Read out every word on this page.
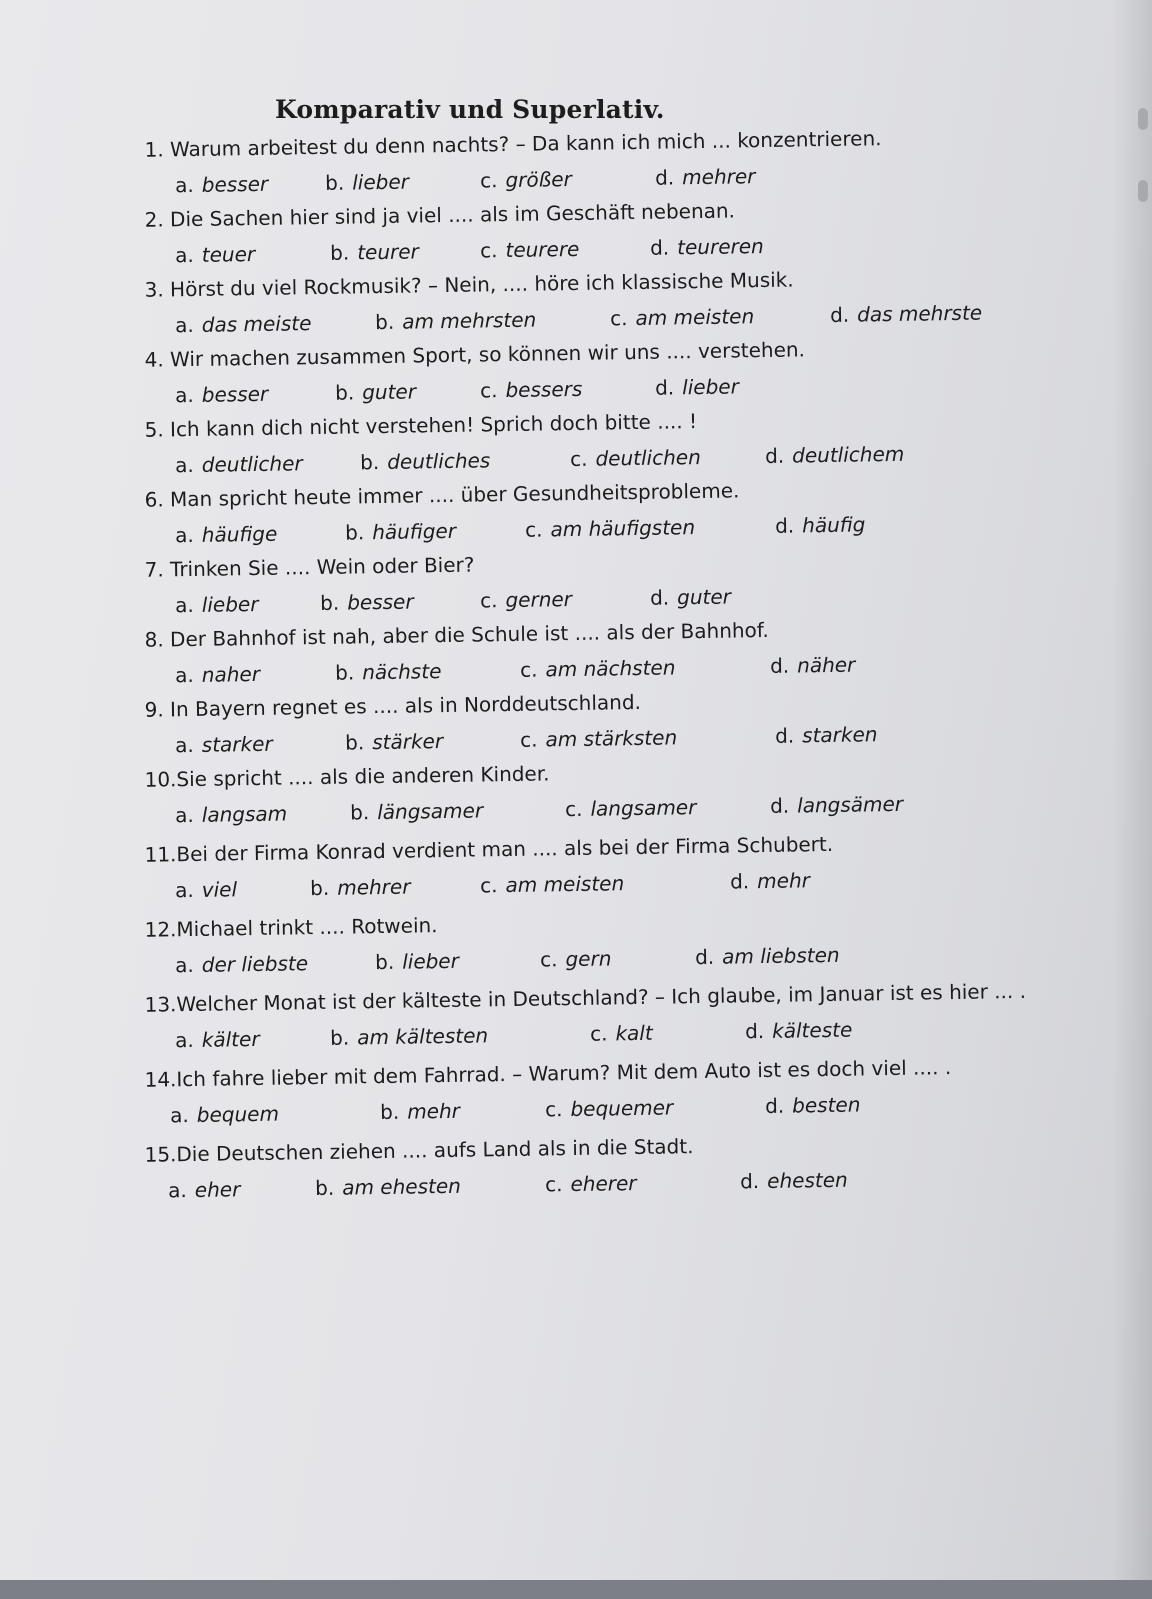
Komparativ und Superlativ.

1. Warum arbeitest du denn nachts? – Da kann ich mich ... konzentrieren.

a. besser	b. lieber	c. größer	d. mehrer

2. Die Sachen hier sind ja viel .... als im Geschäft nebenan.

a. teuer	b. teurer	c. teurere	d. teureren

3. Hörst du viel Rockmusik? – Nein, .... höre ich klassische Musik.

a. das meiste	b. am mehrsten	c. am meisten	d. das mehrste

4. Wir machen zusammen Sport, so können wir uns .... verstehen.

a. besser	b. guter	c. bessers	d. lieber

5. Ich kann dich nicht verstehen! Sprich doch bitte .... !

a. deutlicher	b. deutliches	c. deutlichen	d. deutlichem

6. Man spricht heute immer .... über Gesundheitsprobleme.

a. häufige	b. häufiger	c. am häufigsten	d. häufig

7. Trinken Sie .... Wein oder Bier?

a. lieber	b. besser	c. gerner	d. guter

8. Der Bahnhof ist nah, aber die Schule ist .... als der Bahnhof.

a. naher	b. nächste	c. am nächsten	d. näher

9. In Bayern regnet es .... als in Norddeutschland.

a. starker	b. stärker	c. am stärksten	d. starken

10.Sie spricht .... als die anderen Kinder.

a. langsam	b. längsamer	c. langsamer	d. langsämer

11.Bei der Firma Konrad verdient man .... als bei der Firma Schubert.

a. viel	b. mehrer	c. am meisten	d. mehr

12.Michael trinkt .... Rotwein.

a. der liebste	b. lieber	c. gern	d. am liebsten

13.Welcher Monat ist der kälteste in Deutschland? – Ich glaube, im Januar ist es hier ... .

a. kälter	b. am kältesten	c. kalt	d. kälteste

14.Ich fahre lieber mit dem Fahrrad. – Warum? Mit dem Auto ist es doch viel .... .

a. bequem	b. mehr	c. bequemer	d. besten

15.Die Deutschen ziehen .... aufs Land als in die Stadt.

a. eher	b. am ehesten	c. eherer	d. ehesten
